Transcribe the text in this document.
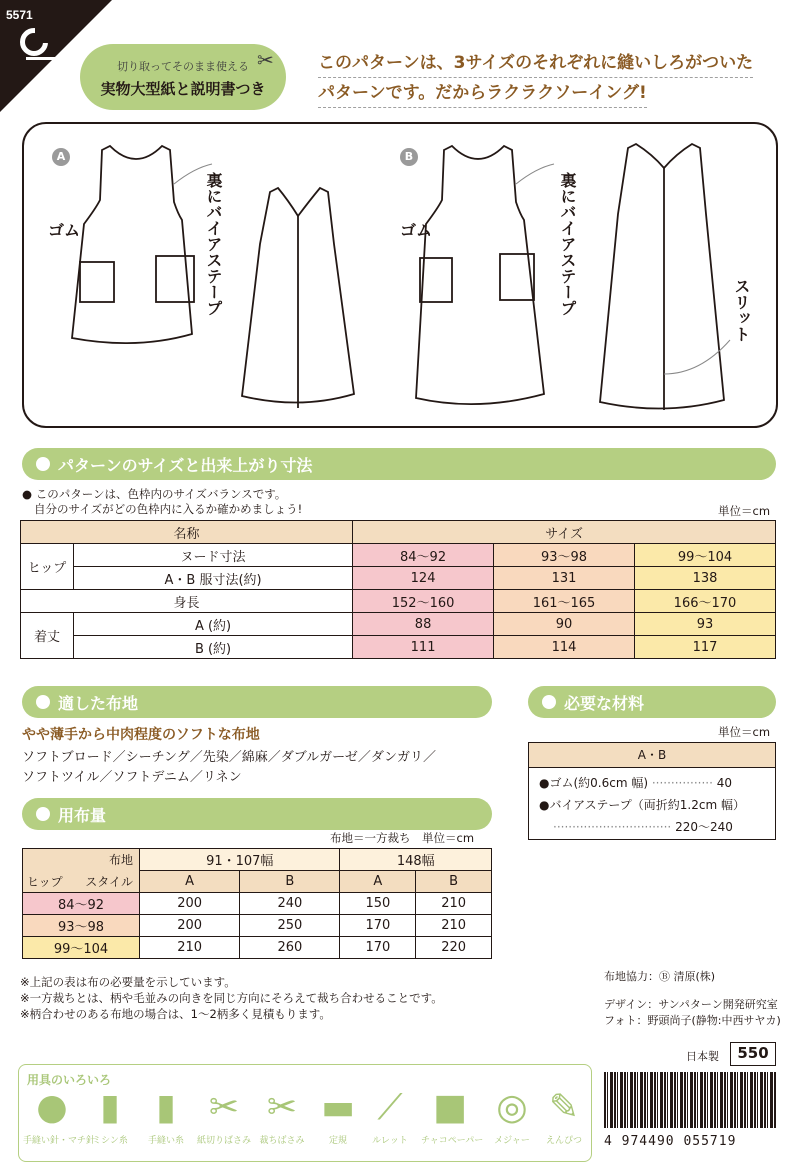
5571
切り取ってそのまま使える
実物大型紙と説明書つき
✂	このパターンは、3サイズのそれぞれに縫いしろがついた
パターンです。だからラクラクソーイング!
A	B
ゴム	ゴム
裏にバイアステープ	裏にバイアステープ	スリット
パターンのサイズと出来上がり寸法
● このパターンは、色枠内のサイズバランスです。
自分のサイズがどの色枠内に入るか確かめましょう!	単位＝cm
名称		サイズ		
ヒップ	ヌード寸法	84〜92	93〜98	99〜104
	A・B 服寸法(約)	124	131	138
身長		152〜160	161〜165	166〜170
着丈	A (約)	88	90	93
	B (約)	111	114	117
適した布地
やや薄手から中肉程度のソフトな布地
ソフトブロード／シーチング／先染／綿麻／ダブルガーゼ／ダンガリ／
ソフトツイル／ソフトデニム／リネン
必要な材料
単位＝cm
A・B
●ゴム(約0.6cm 幅) ················ 40
●バイアステープ（両折約1.2cm 幅）
······························· 220〜240
用布量
布地＝一方裁ち　単位＝cm
布地
ヒップ スタイル	91・107幅		148幅	
	A	B	A	B
84〜92	200	240	150	210
93〜98	200	250	170	210
99〜104	210	260	170	220
※上記の表は布の必要量を示しています。
※一方裁ちとは、柄や毛並みの向きを同じ方向にそろえて裁ち合わせることです。
※柄合わせのある布地の場合は、1〜2柄多く見積もります。
布地協力：Ⓑ 清原(株)
デザイン：サンパターン開発研究室
フォト：野頭尚子(静物:中西サヤカ)
日本製	550
用具のいろいろ
●
手縫い針・マチ針
▮
ミシン糸
▮
手縫い糸
✂
紙切りばさみ
✂
裁ちばさみ
▬
定規
⟋
ルレット
■
チャコペーパー
◎
メジャー
✎
えんぴつ	4 974490 055719
